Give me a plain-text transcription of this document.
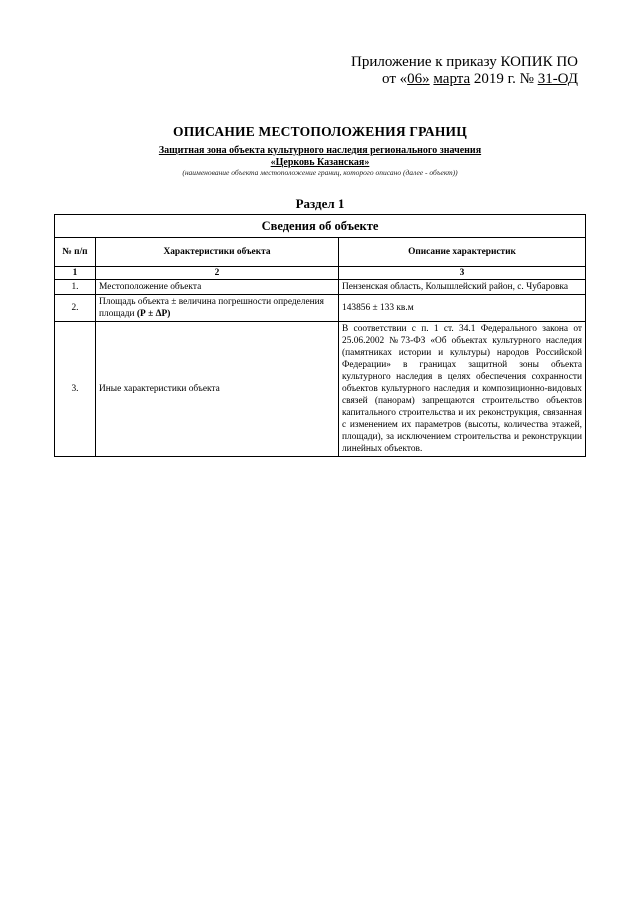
Приложение к приказу КОПИК ПО
от «06» марта 2019 г. № 31-ОД
ОПИСАНИЕ МЕСТОПОЛОЖЕНИЯ ГРАНИЦ
Защитная зона объекта культурного наследия регионального значения
«Церковь Казанская»
(наименование объекта местоположение границ, которого описано (далее - объект))
Раздел 1
Сведения об объекте		
№ п/п	Характеристики объекта	Описание характеристик
1	2	3
1.	Местоположение объекта	Пензенская область, Колышлейский район, с. Чубаровка
2.	Площадь объекта ± величина погрешности определения площади (Р ± ΔР)	143856 ± 133 кв.м
3.	Иные характеристики объекта	В соответствии с п. 1 ст. 34.1 Федерального закона от 25.06.2002 №73-ФЗ «Об объектах культурного наследия (памятниках истории и культуры) народов Российской Федерации» в границах защитной зоны объекта культурного наследия в целях обеспечения сохранности объектов культурного наследия и композиционно-видовых связей (панорам) запрещаются строительство объектов капитального строительства и их реконструкция, связанная с изменением их параметров (высоты, количества этажей, площади), за исключением строительства и реконструкции линейных объектов.
